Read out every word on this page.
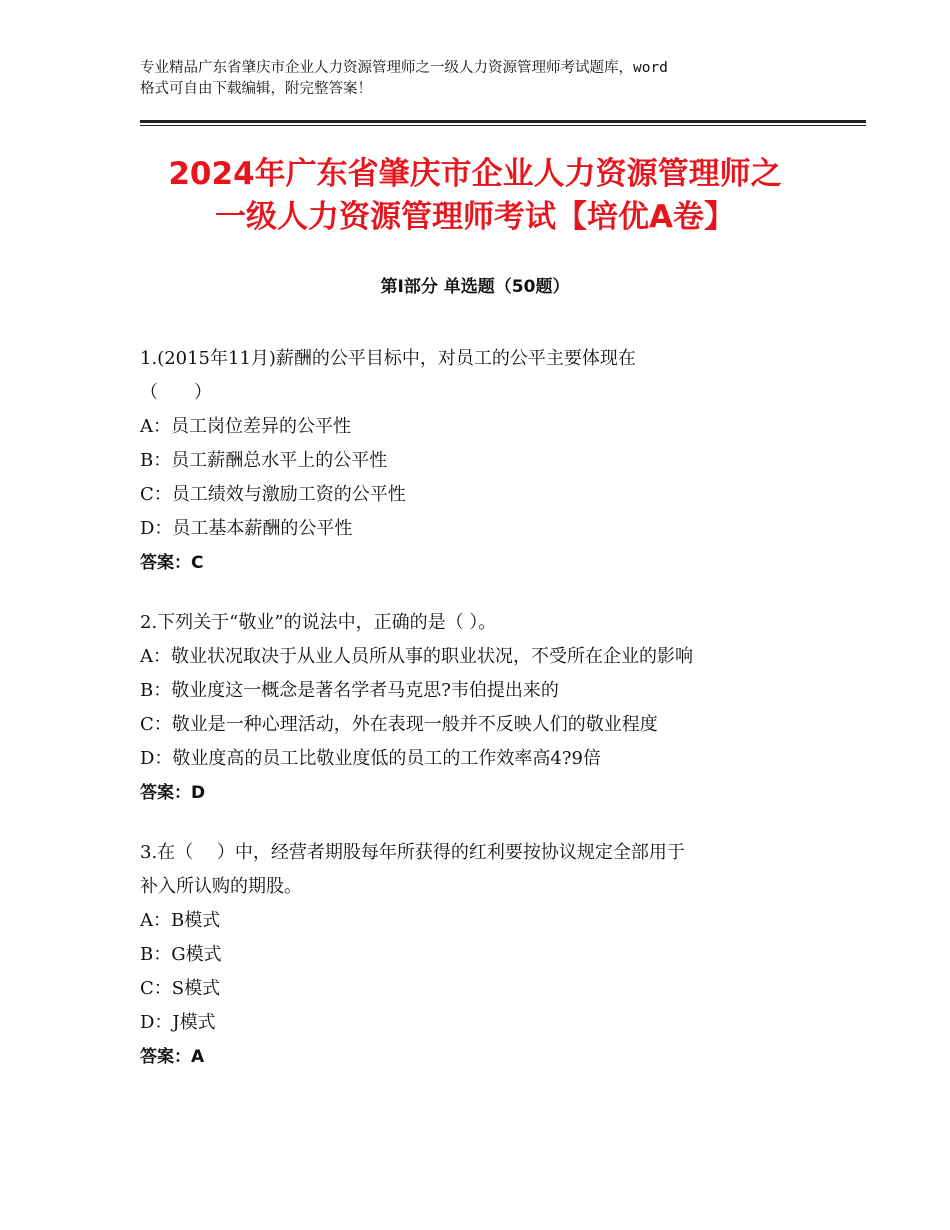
专业精品广东省肇庆市企业人力资源管理师之一级人力资源管理师考试题库，word
格式可自由下载编辑，附完整答案！
2024年广东省肇庆市企业人力资源管理师之
一级人力资源管理师考试【培优A卷】
第Ⅰ部分 单选题（50题）
1.(2015年11月)薪酬的公平目标中，对员工的公平主要体现在
（　　）
A：员工岗位差异的公平性
B：员工薪酬总水平上的公平性
C：员工绩效与激励工资的公平性
D：员工基本薪酬的公平性
答案：C
2.下列关于“敬业”的说法中，正确的是（ ）。
A：敬业状况取决于从业人员所从事的职业状况，不受所在企业的影响
B：敬业度这一概念是著名学者马克思?韦伯提出来的
C：敬业是一种心理活动，外在表现一般并不反映人们的敬业程度
D：敬业度高的员工比敬业度低的员工的工作效率高4?9倍
答案：D
3.在（　 ）中，经营者期股每年所获得的红利要按协议规定全部用于
补入所认购的期股。
A：B模式
B：G模式
C：S模式
D：J模式
答案：A
